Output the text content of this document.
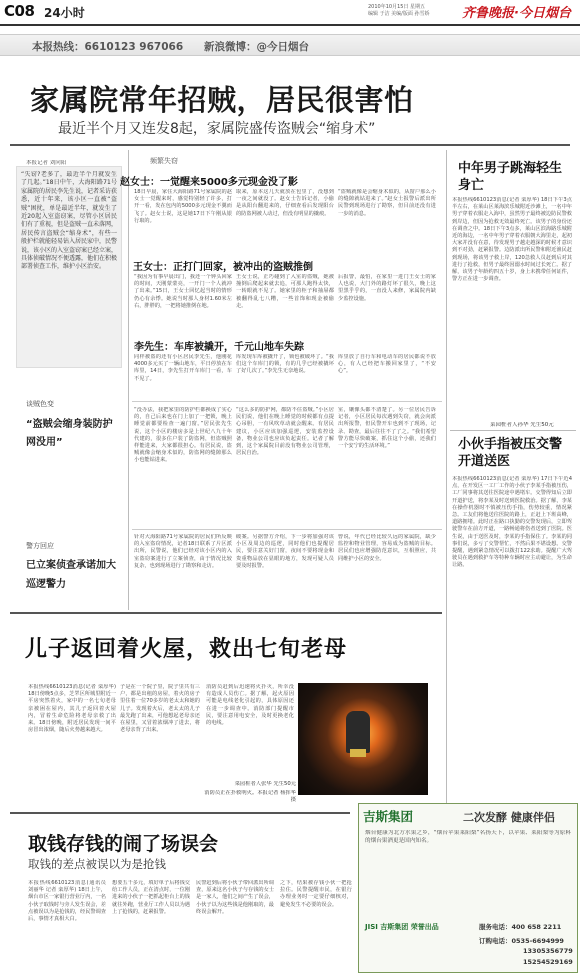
C08 24小时	2010年10月15日 星期五
编辑 于洁 美编/版面 孙雪娇	齐鲁晚报·今日烟台
本报热线：6610123 967066 新浪微博：@今日烟台
家属院常年招贼，居民很害怕
最近半个月又连发8起，家属院盛传盗贼会“缩身术”
本报记者 刘向阳
“失窃?老多了，最近半个月就发生了几起。”18日中午，大海阳路71号家属院的居民李先生说，记者采访获悉，近十年来，该小区一直被“盗贼”困扰，单是最近半年，就发生了近20起入室盗窃案，尽管小区居民们有了重视，但是盗贼一直未落网，居民传言盗贼会“缩身术”，有些一般护栏就能轻易钻入居民家中，民警说，该小区的入室盗窃案已经立案，具体侦破情况不便透露，他们在积极部署侦查工作，维护小区治安。
谈贼色变
“盗贼会缩身装防护网没用”
警方回应
已立案侦查承诺加大巡逻警力
频繁失窃
赵女士：一觉醒来5000多元现金没了影
18日早晨，家住大海阳路71号家属院的赵女士一觉醒来时，感觉特别轻了许多，打开一看，发在包内的5000多元现金不翼而飞了。赵女士说，这是她17日下午刚从银行取的。
取来，原本这几天就放在包里了，没想到一夜之间就没了。赵女士告诉记者，小偷是从阳台翻进来的，仔细查看后发现阳台的防盗网被人动过，但没有明显的撬痕。
“盗贼就像是会缩身术似的，从窗户那么小的缝隙就钻进来了。”赵女士报警后派出所民警到现场进行了勘察，但目前还没有进一步的消息。
王女士：正打门回家，被冲出的盗贼推倒
“我因为有事早晨出门，我还一个钟头回家的时间，天刚蒙蒙亮，一开门一个人就冲了出来。”15日，王女士回忆起当时的情形仍心有余悸。她说当时那人身材1.60米左右，胖胖的，一把将她推倒在地。
王女士说，正巧碰到了入室的盗贼，她被撞倒后爬起来就去追，可那人跑得太快，一转眼就不见了。她家里的柜子和抽屉都被翻得乱七八糟，一些首饰和现金被偷走。
后报警，最怕，在家里一进门王女士的家人也说，大门外的路灯坏了很久，晚上这里黑乎乎的，一直没人来修，家属院内缺少监控设施。
李先生：车库被撬开，千元山地车失踪
同样被盗的还有小区居民李先生，他刚花4000多元买了一辆山地车，平日停放在车库里，14日，李先生打开车库门一看，车不见了。
库发现车库被撬开了，锁也被破坏了。“我们这个车库门的锁，有的几乎已经被撬坏了好几次了。”李先生无奈地说。
库里放了自行车和电动车的居民都说不放心，有人已经把车搬回家里了，“不安心”。
“没办法，我把家里的防护栏都换成了实心的，自己后来也在门上加了一把锁，晚上睡觉前都要检查一遍门窗。”居民张先生说，这个小区的楼房多是上世纪八九十年代建的，很多住户装了防盗网，但盗贼照样能进来，大家都很担心。有居民说，盗贼就像会缩身术似的，防盗网的缝隙那么小也能钻进来。
“这么多的防护网，都防不住盗贼。”小区居民们说，他们在晚上睡觉的时候都有点提心吊胆，一有风吹草动就会醒来。有居民建议，小区应该加强巡逻，安装监控设备，物业公司也应该负起责任。记者了解到，这个家属院目前没有物业公司管理，居民自治。
室，镶像头都不清楚了。另一位居民告诉记者，小区居民每次遇到失窃，就会向派出所报警，但民警开车也到不了现场，记录、勘查，最后往往不了了之。“我们希望警方能尽快破案，抓住这个小偷，还我们一个安宁的生活环境。”
针对大海阳路71号家属院的居民们所反映的入室盗窃情况，记者18日联系了片区派出所，民警说，他们已经对该小区内的入室盗窃案进行了立案侦查，由于情况比较复杂，也到现场进行了勘察和走访。
破案。另据警方介绍，下一步将加强对该小区及周边的巡逻，同时他们也提醒居民，要注意关好门窗，夜间不要将现金和贵重物品放在显眼的地方，发现可疑人员要及时报警。
曾说，年代已经比较久远的家属院，缺少监控和物业管理，容易成为盗贼的目标。居民们也应增强防范意识，互相照应，共同维护小区的安全。
中年男子跳海轻生身亡
本报热线6610123消息(记者 栾厚华) 18日下午3点半左右，在莱山区莱海滨乐城附近沙滩上，一名中年男子穿着衣服走入海中，虽然男子最终被边防民警救到岸边，但因为抢救无效最终死亡。该男子的身份还在调查之中。18日下午3点多，莱山区滨海路乐城附近的海边，一名中年男子穿着衣服朝大海里走，起初大家并没有在意，待发现男子越走越深的时候才意识到不对劲，赶紧报警。边防派出所民警和附近渔民赶到现场，将该男子救上岸，120急救人员赶到后对其进行了抢救，但男子最终因溺水时间过长死亡。据了解，该男子年龄约四五十岁，身上未携带任何证件，警方正在进一步调查。
菜园桩者人孙华 先生50元
小伙手指被压交警开道送医
本报热线6610123消息(记者 栾厚华) 17日下午近4点，在开发区一工厂工作的小伙子李某手指被压伤，工厂同事将其送往医院途中遇堵车。交警得知后立即开道护送，将李某及时送到医院救治。据了解，李某在操作机器时不慎被压伤手指，伤势较重，情况紧急。工友们将他送往医院的路上，正赶上下班高峰，道路拥堵。此时正在路口执勤的交警发现后，立即驾驶警车在前方开道，一路畅通将伤者送到了医院。医生说，由于送医及时，李某的手指保住了。李某的同事们说，多亏了交警帮忙，不然后果不堪设想。交警提醒，遇到紧急情况可以拨打122求助。提醒广大驾驶员在遇到救护车等特种车辆时应主动避让，为生命让路。
儿子返回着火屋，救出七旬老母
本报热线6610123消息(记者 栾厚华) 18日傍晚5点多，芝罘区所城里附近一平房突然着火，家中的一名七旬老母亲被困在屋内，其儿子返回着火屋内，冒着生命危险将老母亲救了出来。18日傍晚，附近居民发现一间平房冒出浓烟，随后火势越来越大。
子是在一个院子里，院子里共有三户，都是出租的房屋，着火的房子里住着一位70多岁的老太太和她的儿子。发现着火后，老太太的儿子最先跑了出来，可他想起老母亲还在屋里，又冒着浓烟冲了进去，将老母亲背了出来。
消防员赶到后迅速将火扑灭，所幸没有造成人员伤亡。据了解，起火原因可能是电线老化引起的，具体原因还在进一步调查中。消防部门提醒市民，要注意用电安全，及时更换老化的电线。
消防员正在扑救明火。本报记者 杨挥华 摄
菜园桩者人张华 先生50元
取钱存钱的闹了场误会
取钱的差点被误以为是抢钱
本报热线6610123消息(通讯员 刘丽华 记者 栾厚华) 18日上午，烟台市区一家银行营业厅内，一名小伙子取钱时与旁人发生误会，差点被误以为是抢钱的，经民警调查后，事情才真相大白。
想要五千多元，填好单子后将钱交给工作人员，正在清点时，一位刚进来的小伙子一把抓起柜台上的钱就往外跑，营业厅工作人员以为遇上了抢钱的，赶紧报警。
民警赶到后将小伙子带回派出所调查，原来这名小伙子与存钱的女士是一家人，他们之间产生了误会，小伙子以为这些钱是他刚取的，最终误会解开。
之下，结果被存钱小伙一把抢拉住。民警提醒市民，在银行办理业务时一定要仔细核对，避免发生不必要的误会。
吉斯集团	二次发酵 健康伴侣
烟台健康为北方水果之乡，“烟台苹果莱阳梨”名扬天下，以苹果、莱阳梨等为原料的烟台果酒更是国内知名。
JISI 吉斯集团 荣誉出品	服务电话：400 658 2211
订购电话：0535-6694999
13305356779
15254529169
